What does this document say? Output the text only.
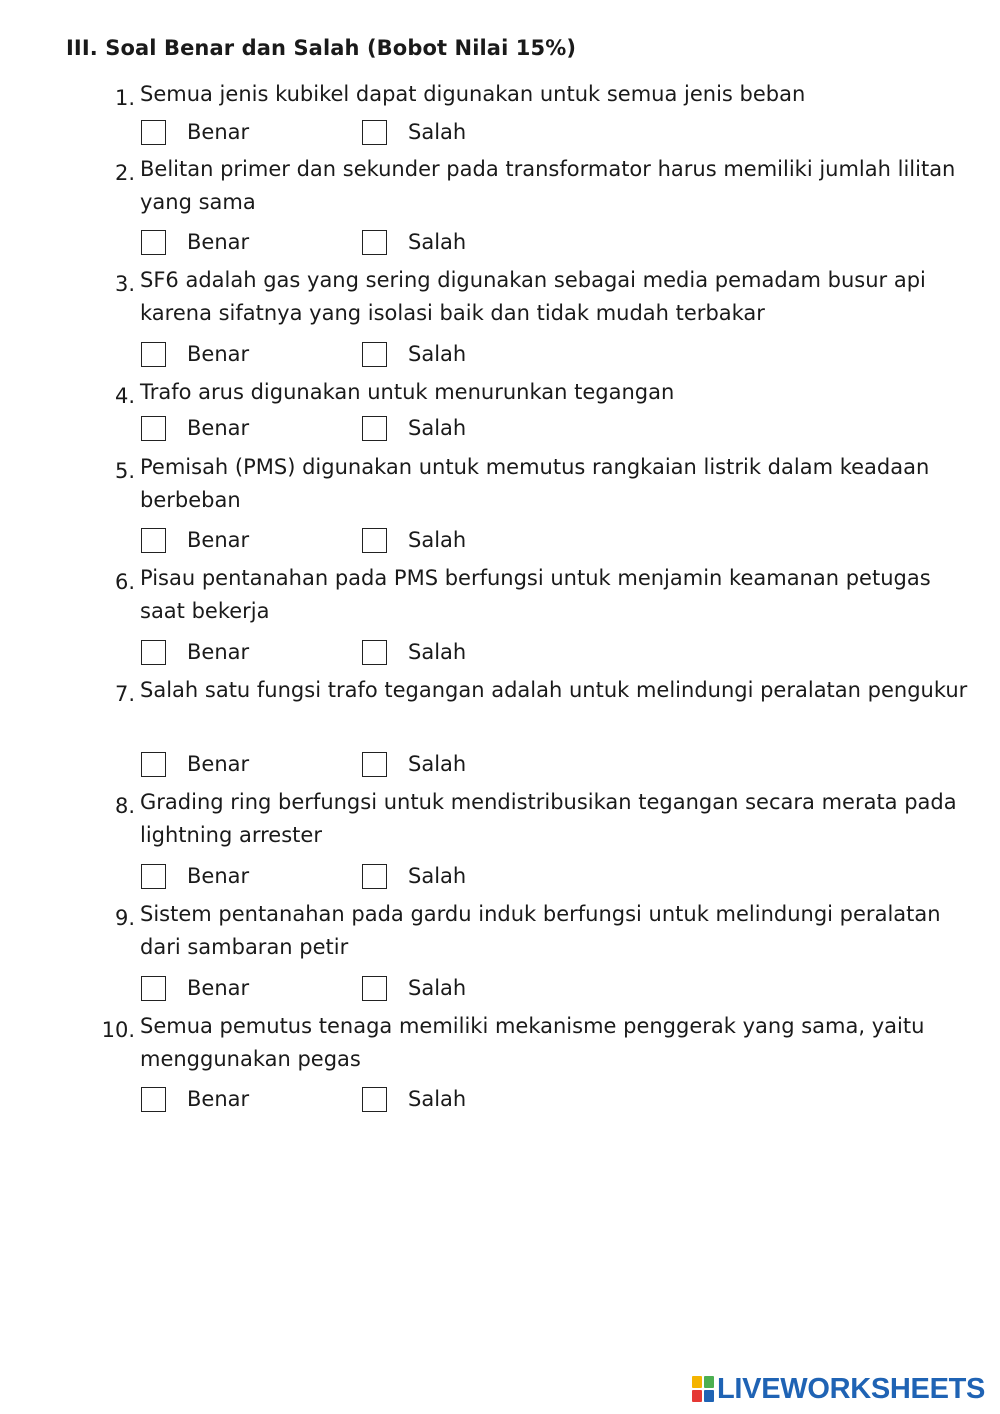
III. Soal Benar dan Salah (Bobot Nilai 15%)
1. Semua jenis kubikel dapat digunakan untuk semua jenis beban
Benar	Salah
2. Belitan primer dan sekunder pada transformator harus memiliki jumlah lilitan yang sama
Benar	Salah
3. SF6 adalah gas yang sering digunakan sebagai media pemadam busur api karena sifatnya yang isolasi baik dan tidak mudah terbakar
Benar	Salah
4. Trafo arus digunakan untuk menurunkan tegangan
Benar	Salah
5. Pemisah (PMS) digunakan untuk memutus rangkaian listrik dalam keadaan berbeban
Benar	Salah
6. Pisau pentanahan pada PMS berfungsi untuk menjamin keamanan petugas saat bekerja
Benar	Salah
7. Salah satu fungsi trafo tegangan adalah untuk melindungi peralatan pengukur
Benar	Salah
8. Grading ring berfungsi untuk mendistribusikan tegangan secara merata pada lightning arrester
Benar	Salah
9. Sistem pentanahan pada gardu induk berfungsi untuk melindungi peralatan dari sambaran petir
Benar	Salah
10. Semua pemutus tenaga memiliki mekanisme penggerak yang sama, yaitu menggunakan pegas
Benar	Salah
LIVEWORKSHEETS
